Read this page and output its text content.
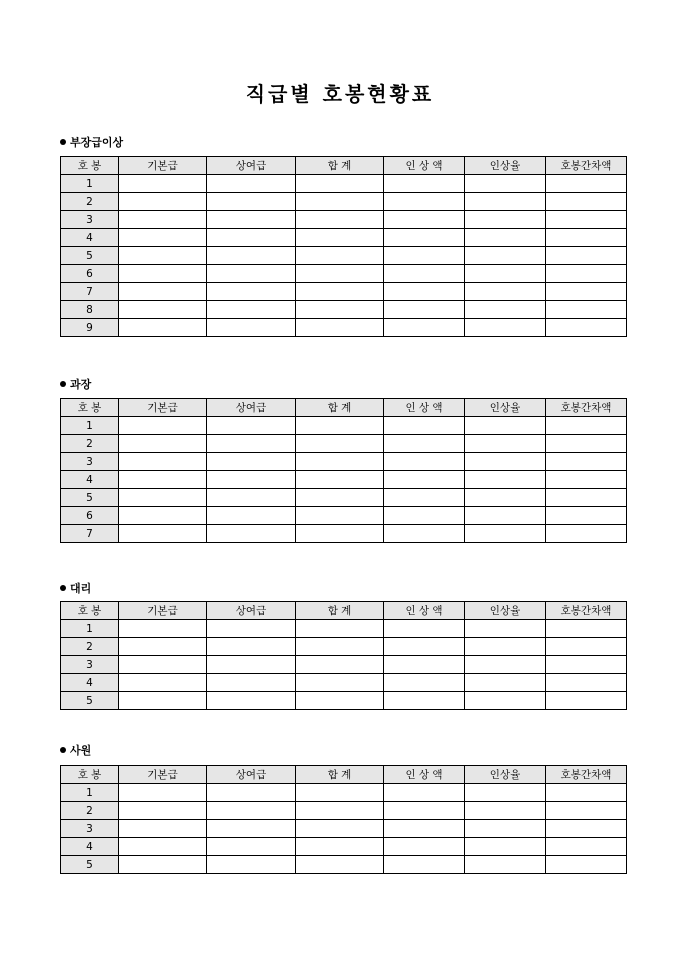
직급별 호봉현황표
부장급이상
호 봉	기본급	상여급	합 계	인 상 액	인상율	호봉간차액
1						
2						
3						
4						
5						
6						
7						
8						
9						
과장
호 봉	기본급	상여급	합 계	인 상 액	인상율	호봉간차액
1						
2						
3						
4						
5						
6						
7						
대리
호 봉	기본급	상여급	합 계	인 상 액	인상율	호봉간차액
1						
2						
3						
4						
5						
사원
호 봉	기본급	상여급	합 계	인 상 액	인상율	호봉간차액
1						
2						
3						
4						
5						
